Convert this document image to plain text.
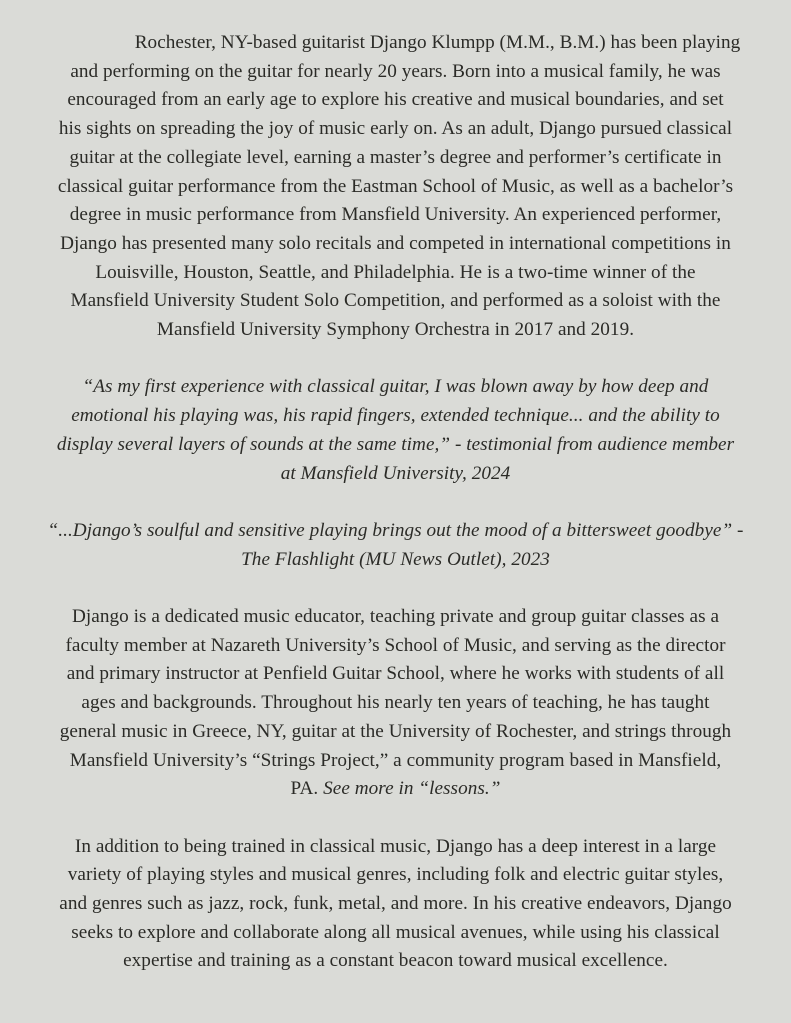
Rochester, NY-based guitarist Django Klumpp (M.M., B.M.) has been playing
and performing on the guitar for nearly 20 years. Born into a musical family, he was
encouraged from an early age to explore his creative and musical boundaries, and set
his sights on spreading the joy of music early on. As an adult, Django pursued classical
guitar at the collegiate level, earning a master’s degree and performer’s certificate in
classical guitar performance from the Eastman School of Music, as well as a bachelor’s
degree in music performance from Mansfield University. An experienced performer,
Django has presented many solo recitals and competed in international competitions in
Louisville, Houston, Seattle, and Philadelphia. He is a two-time winner of the
Mansfield University Student Solo Competition, and performed as a soloist with the
Mansfield University Symphony Orchestra in 2017 and 2019.

“As my first experience with classical guitar, I was blown away by how deep and
emotional his playing was, his rapid fingers, extended technique... and the ability to
display several layers of sounds at the same time,” - testimonial from audience member
at Mansfield University, 2024

“...Django’s soulful and sensitive playing brings out the mood of a bittersweet goodbye” -
The Flashlight (MU News Outlet), 2023

Django is a dedicated music educator, teaching private and group guitar classes as a
faculty member at Nazareth University’s School of Music, and serving as the director
and primary instructor at Penfield Guitar School, where he works with students of all
ages and backgrounds. Throughout his nearly ten years of teaching, he has taught
general music in Greece, NY, guitar at the University of Rochester, and strings through
Mansfield University’s “Strings Project,” a community program based in Mansfield,
PA. See more in “lessons.”

In addition to being trained in classical music, Django has a deep interest in a large
variety of playing styles and musical genres, including folk and electric guitar styles,
and genres such as jazz, rock, funk, metal, and more. In his creative endeavors, Django
seeks to explore and collaborate along all musical avenues, while using his classical
expertise and training as a constant beacon toward musical excellence.
